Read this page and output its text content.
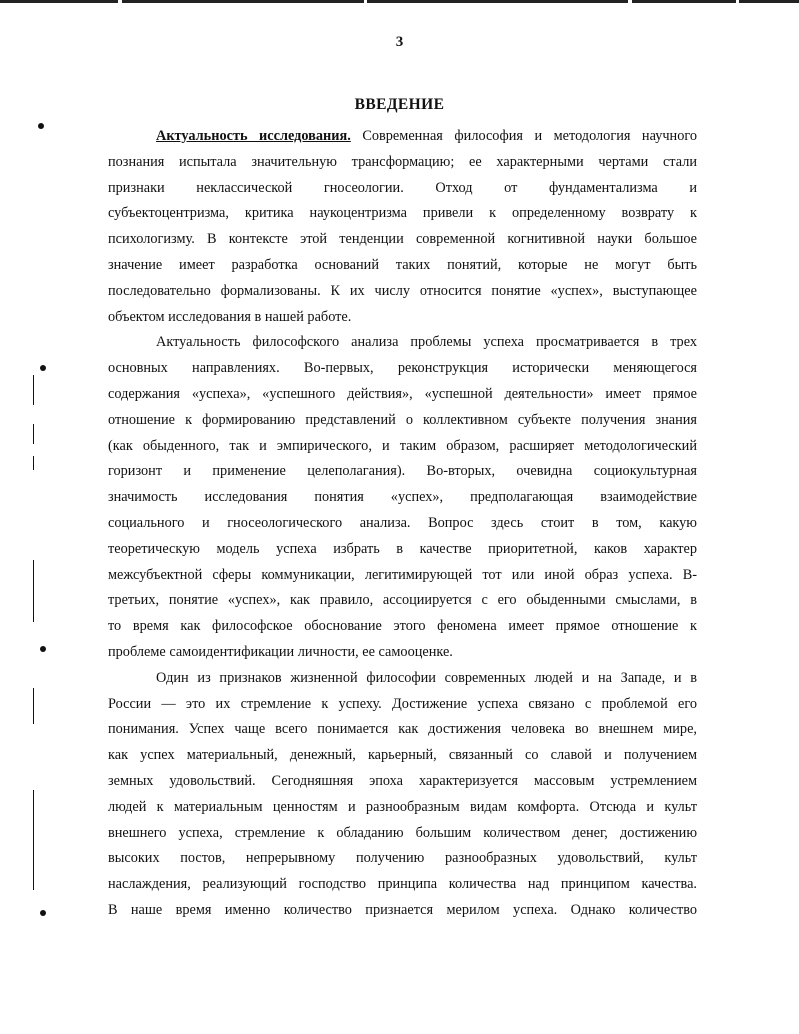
3
ВВЕДЕНИЕ
Актуальность исследования. Современная философия и методология научного
познания испытала значительную трансформацию; ее характерными чертами стали
признаки неклассической гносеологии. Отход от фундаментализма и
субъектоцентризма, критика наукоцентризма привели к определенному возврату к
психологизму. В контексте этой тенденции современной когнитивной науки большое
значение имеет разработка оснований таких понятий, которые не могут быть
последовательно формализованы. К их числу относится понятие «успех», выступающее
объектом исследования в нашей работе.
Актуальность философского анализа проблемы успеха просматривается в трех
основных направлениях. Во-первых, реконструкция исторически меняющегося
содержания «успеха», «успешного действия», «успешной деятельности» имеет прямое
отношение к формированию представлений о коллективном субъекте получения знания
(как обыденного, так и эмпирического, и таким образом, расширяет методологический
горизонт и применение целеполагания). Во-вторых, очевидна социокультурная
значимость исследования понятия «успех», предполагающая взаимодействие
социального и гносеологического анализа. Вопрос здесь стоит в том, какую
теоретическую модель успеха избрать в качестве приоритетной, каков характер
межсубъектной сферы коммуникации, легитимирующей тот или иной образ успеха. В-
третьих, понятие «успех», как правило, ассоциируется с его обыденными смыслами, в
то время как философское обоснование этого феномена имеет прямое отношение к
проблеме самоидентификации личности, ее самооценке.
Один из признаков жизненной философии современных людей и на Западе, и в
России — это их стремление к успеху. Достижение успеха связано с проблемой его
понимания. Успех чаще всего понимается как достижения человека во внешнем мире,
как успех материальный, денежный, карьерный, связанный со славой и получением
земных удовольствий. Сегодняшняя эпоха характеризуется массовым устремлением
людей к материальным ценностям и разнообразным видам комфорта. Отсюда и культ
внешнего успеха, стремление к обладанию большим количеством денег, достижению
высоких постов, непрерывному получению разнообразных удовольствий, культ
наслаждения, реализующий господство принципа количества над принципом качества.
В наше время именно количество признается мерилом успеха. Однако количество
